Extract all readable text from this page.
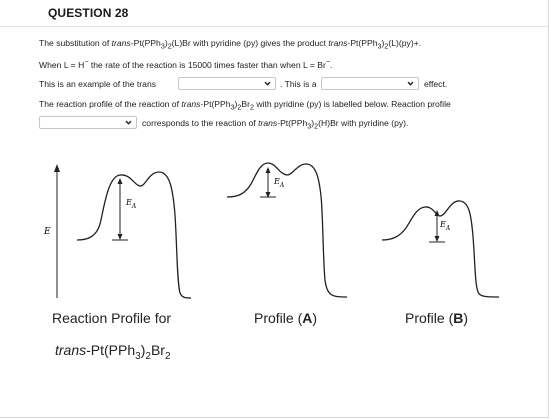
QUESTION 28
The substitution of trans-$Pt(PPh_3)_2(L)Br$ with pyridine (py) gives the product trans-$Pt(PPh_3)_2(L)(py)+$.
When L = H− the rate of the reaction is 15000 times faster than when L = Br−.
This is an example of the trans	. This is a	effect.
The reaction profile of the reaction of trans-$Pt(PPh_3)_2Br_2$ with pyridine (py) is labelled below. Reaction profile
corresponds to the reaction of trans-$Pt(PPh_3)_2(H)Br$ with pyridine (py).
E
$E_A$
$E_A$
$E_A$
Reaction Profile for
trans-$Pt(PPh_3)_2Br_2$
Profile (A)	Profile (B)
